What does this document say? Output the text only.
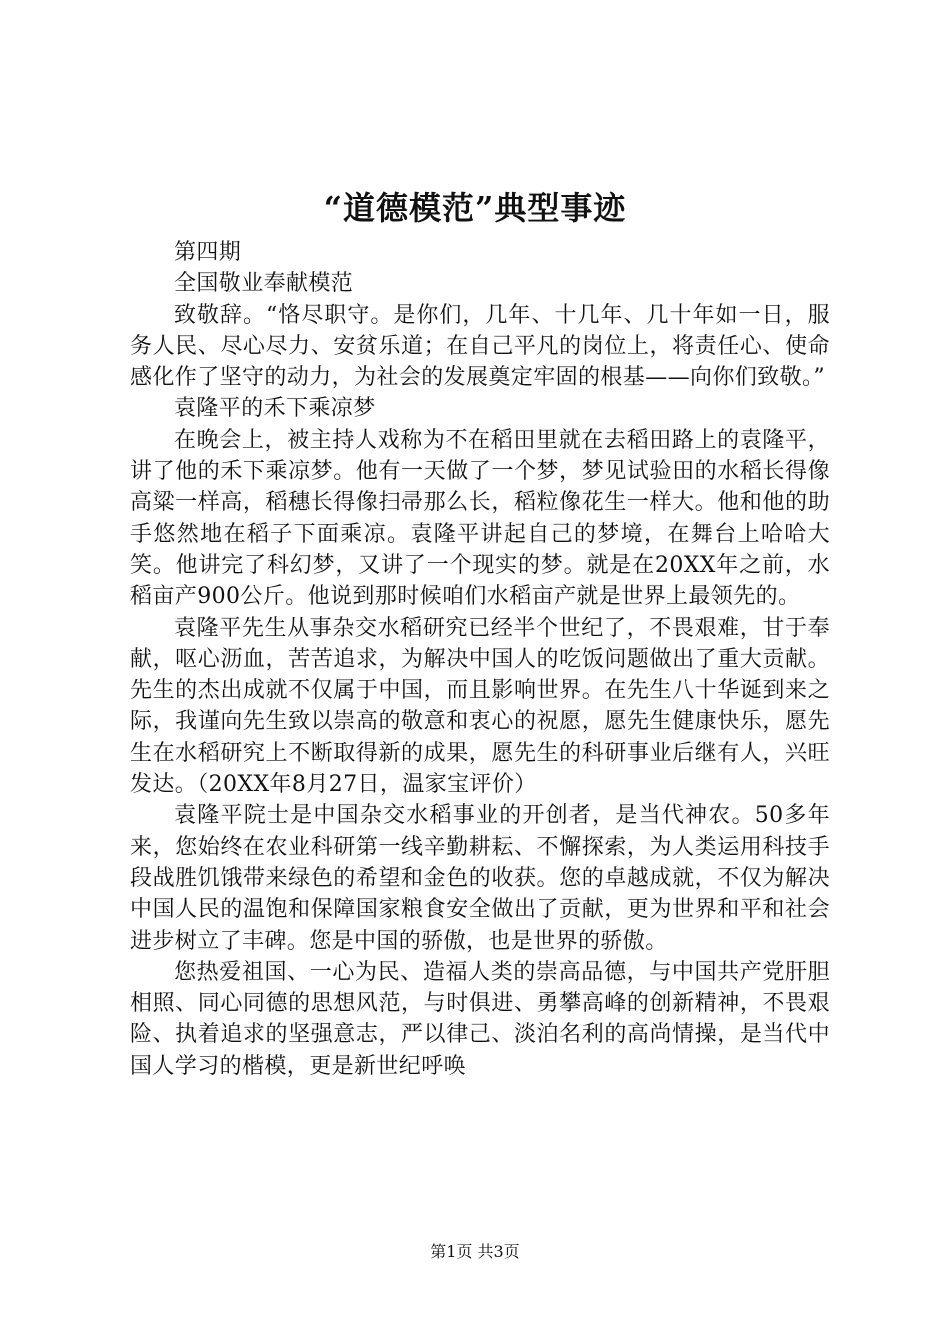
“道德模范”典型事迹

第四期

全国敬业奉献模范

致敬辞。“恪尽职守。是你们，几年、十几年、几十年如一日，服务人民、尽心尽力、安贫乐道；在自己平凡的岗位上，将责任心、使命感化作了坚守的动力，为社会的发展奠定牢固的根基——向你们致敬。”

袁隆平的禾下乘凉梦

在晚会上，被主持人戏称为不在稻田里就在去稻田路上的袁隆平，讲了他的禾下乘凉梦。他有一天做了一个梦，梦见试验田的水稻长得像高粱一样高，稻穗长得像扫帚那么长，稻粒像花生一样大。他和他的助手悠然地在稻子下面乘凉。袁隆平讲起自己的梦境，在舞台上哈哈大笑。他讲完了科幻梦，又讲了一个现实的梦。就是在20XX年之前，水稻亩产900公斤。他说到那时候咱们水稻亩产就是世界上最领先的。

袁隆平先生从事杂交水稻研究已经半个世纪了，不畏艰难，甘于奉献，呕心沥血，苦苦追求，为解决中国人的吃饭问题做出了重大贡献。先生的杰出成就不仅属于中国，而且影响世界。在先生八十华诞到来之际，我谨向先生致以崇高的敬意和衷心的祝愿，愿先生健康快乐，愿先生在水稻研究上不断取得新的成果，愿先生的科研事业后继有人，兴旺发达。（20XX年8月27日，温家宝评价）

袁隆平院士是中国杂交水稻事业的开创者，是当代神农。50多年来，您始终在农业科研第一线辛勤耕耘、不懈探索，为人类运用科技手段战胜饥饿带来绿色的希望和金色的收获。您的卓越成就，不仅为解决中国人民的温饱和保障国家粮食安全做出了贡献，更为世界和平和社会进步树立了丰碑。您是中国的骄傲，也是世界的骄傲。

您热爱祖国、一心为民、造福人类的崇高品德，与中国共产党肝胆相照、同心同德的思想风范，与时俱进、勇攀高峰的创新精神，不畏艰险、执着追求的坚强意志，严以律己、淡泊名利的高尚情操，是当代中国人学习的楷模，更是新世纪呼唤

第1页 共3页
